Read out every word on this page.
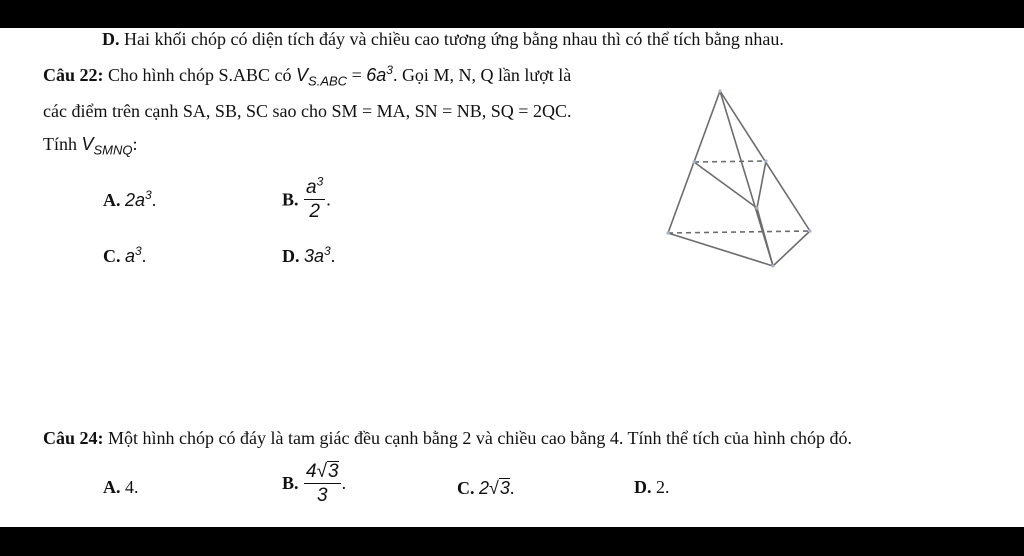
D. Hai khối chóp có diện tích đáy và chiều cao tương ứng bằng nhau thì có thể tích bằng nhau.
Câu 22: Cho hình chóp S.ABC có $V_{S.ABC} = 6a^3$. Gọi M, N, Q lần lượt là
các điểm trên cạnh SA, SB, SC sao cho SM = MA, SN = NB, SQ = 2QC.
Tính $V_{SMNQ}$:
A. $2a^3$.	B. $\frac{a^3}{2}$ .
C. $a^3$.	D. $3a^3$.
Câu 24: Một hình chóp có đáy là tam giác đều cạnh bằng 2 và chiều cao bằng 4. Tính thể tích của hình chóp đó.
A. 4.	B. $\frac{4√3}{3}$ .	C. 2√3.	D. 2.
